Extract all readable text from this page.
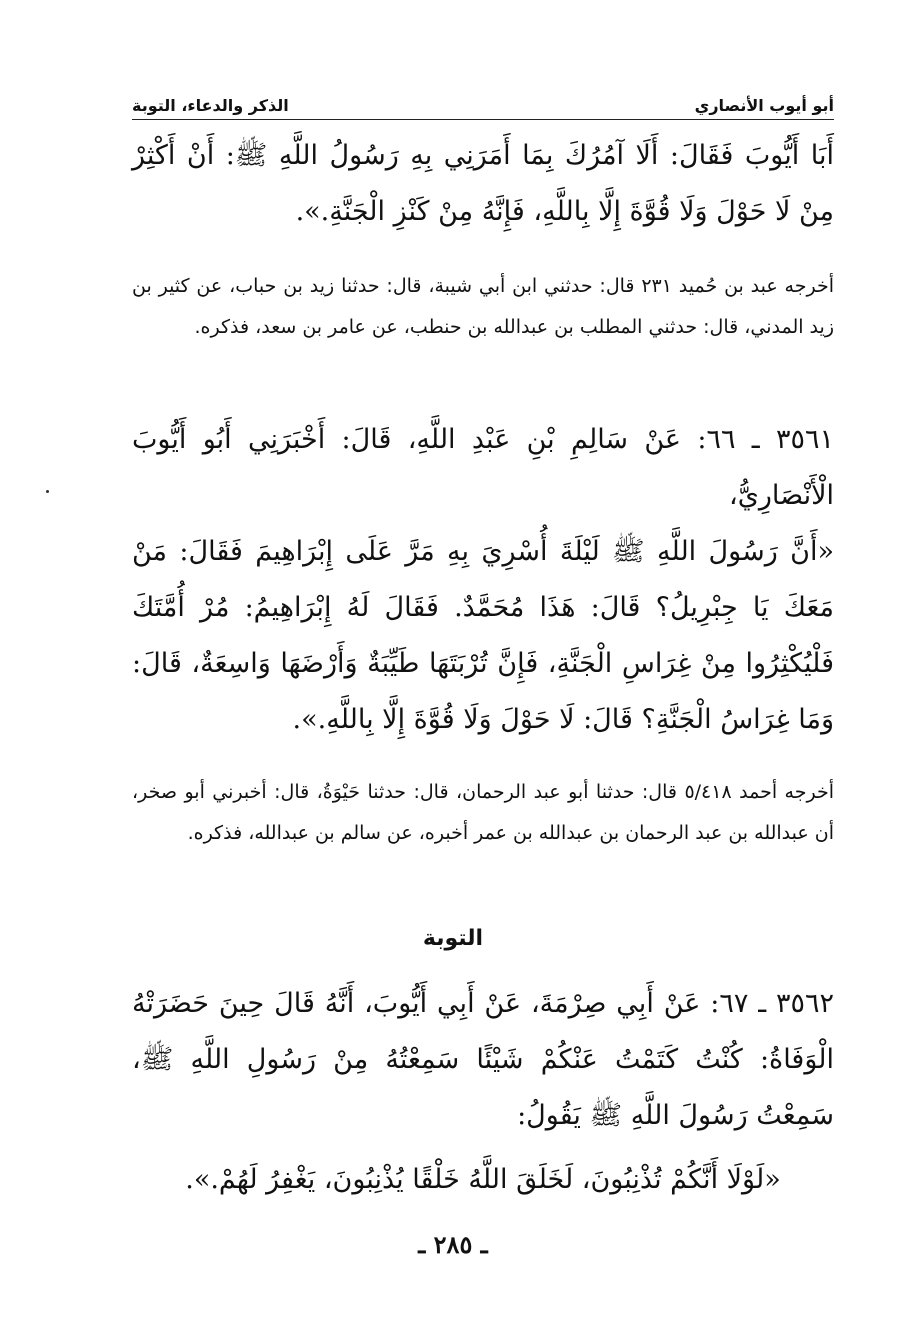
أبو أيوب الأنصاري
الذكر والدعاء، التوبة
أَبَا أَيُّوبَ فَقَالَ: أَلَا آمُرُكَ بِمَا أَمَرَنِي بِهِ رَسُولُ اللَّهِ ﷺ: أَنْ أَكْثِرْ مِنْ لَا حَوْلَ وَلَا قُوَّةَ إِلَّا بِاللَّهِ، فَإِنَّهُ مِنْ كَنْزِ الْجَنَّةِ.».
أخرجه عبد بن حُميد ٢٣١ قال: حدثني ابن أبي شيبة، قال: حدثنا زيد بن حباب، عن كثير بن زيد المدني، قال: حدثني المطلب بن عبدالله بن حنطب، عن عامر بن سعد، فذكره.
٣٥٦١ ـ ٦٦: عَنْ سَالِمِ بْنِ عَبْدِ اللَّهِ، قَالَ: أَخْبَرَنِي أَبُو أَيُّوبَ الْأَنْصَارِيُّ،
«أَنَّ رَسُولَ اللَّهِ ﷺ لَيْلَةَ أُسْرِيَ بِهِ مَرَّ عَلَى إِبْرَاهِيمَ فَقَالَ: مَنْ مَعَكَ يَا جِبْرِيلُ؟ قَالَ: هَذَا مُحَمَّدٌ. فَقَالَ لَهُ إِبْرَاهِيمُ: مُرْ أُمَّتَكَ فَلْيُكْثِرُوا مِنْ غِرَاسِ الْجَنَّةِ، فَإِنَّ تُرْبَتَهَا طَيِّبَةٌ وَأَرْضَهَا وَاسِعَةٌ، قَالَ: وَمَا غِرَاسُ الْجَنَّةِ؟ قَالَ: لَا حَوْلَ وَلَا قُوَّةَ إِلَّا بِاللَّهِ.».
أخرجه أحمد ٥/٤١٨ قال: حدثنا أبو عبد الرحمان، قال: حدثنا حَيْوَةُ، قال: أخبرني أبو صخر، أن عبدالله بن عبد الرحمان بن عبدالله بن عمر أخبره، عن سالم بن عبدالله، فذكره.
التوبة
٣٥٦٢ ـ ٦٧: عَنْ أَبِي صِرْمَةَ، عَنْ أَبِي أَيُّوبَ، أَنَّهُ قَالَ حِينَ حَضَرَتْهُ الْوَفَاةُ: كُنْتُ كَتَمْتُ عَنْكُمْ شَيْئًا سَمِعْتُهُ مِنْ رَسُولِ اللَّهِ ﷺ، سَمِعْتُ رَسُولَ اللَّهِ ﷺ يَقُولُ:
«لَوْلَا أَنَّكُمْ تُذْنِبُونَ، لَخَلَقَ اللَّهُ خَلْقًا يُذْنِبُونَ، يَغْفِرُ لَهُمْ.».
ـ ٢٨٥ ـ
